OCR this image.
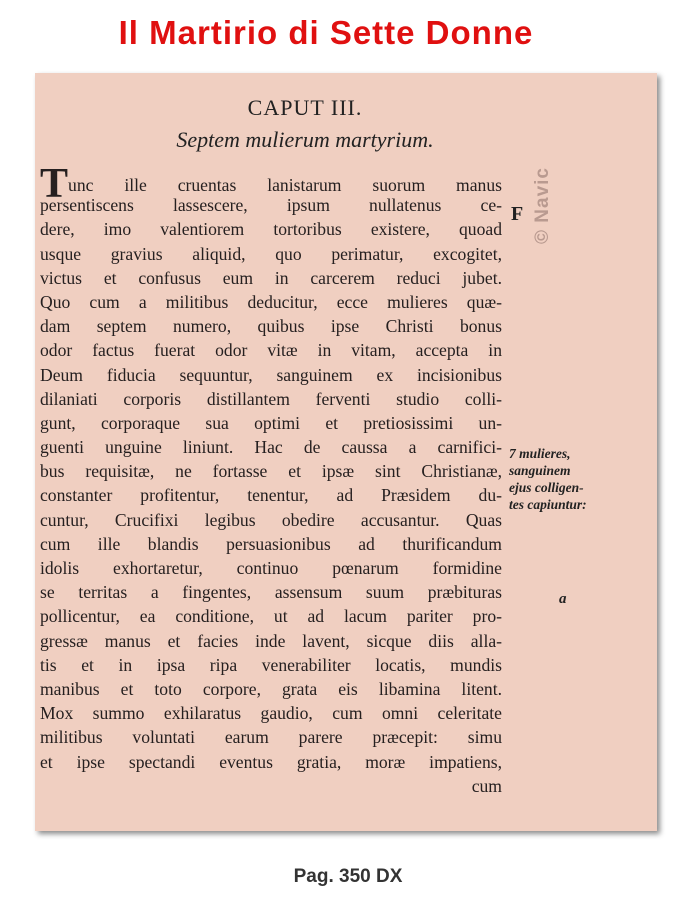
Il Martirio di Sette Donne
© Navic
CAPUT III.
Septem mulierum martyrium.
Tunc ille cruentas lanistarum suorum manus
persentiscens lassescere, ipsum nullatenus ce-
dere, imo valentiorem tortoribus existere, quoad
usque gravius aliquid, quo perimatur, excogitet,
victus et confusus eum in carcerem reduci jubet.
Quo cum a militibus deducitur, ecce mulieres quæ-
dam septem numero, quibus ipse Christi bonus
odor factus fuerat odor vitæ in vitam, accepta in
Deum fiducia sequuntur, sanguinem ex incisionibus
dilaniati corporis distillantem ferventi studio colli-
gunt, corporaque sua optimi et pretiosissimi un-
guenti unguine liniunt. Hac de caussa a carnifici-
bus requisitæ, ne fortasse et ipsæ sint Christianæ,
constanter profitentur, tenentur, ad Præsidem du-
cuntur, Crucifixi legibus obedire accusantur. Quas
cum ille blandis persuasionibus ad thurificandum
idolis exhortaretur, continuo pœnarum formidine
se territas a fingentes, assensum suum præbituras
pollicentur, ea conditione, ut ad lacum pariter pro-
gressæ manus et facies inde lavent, sicque diis alla-
tis et in ipsa ripa venerabiliter locatis, mundis
manibus et toto corpore, grata eis libamina litent.
Mox summo exhilaratus gaudio, cum omni celeritate
militibus voluntati earum parere præcepit: simu
et ipse spectandi eventus gratia, moræ impatiens,
cum
F
7 mulieres,
sanguinem
ejus colligen-
tes capiuntur:
a
Pag. 350 DX
